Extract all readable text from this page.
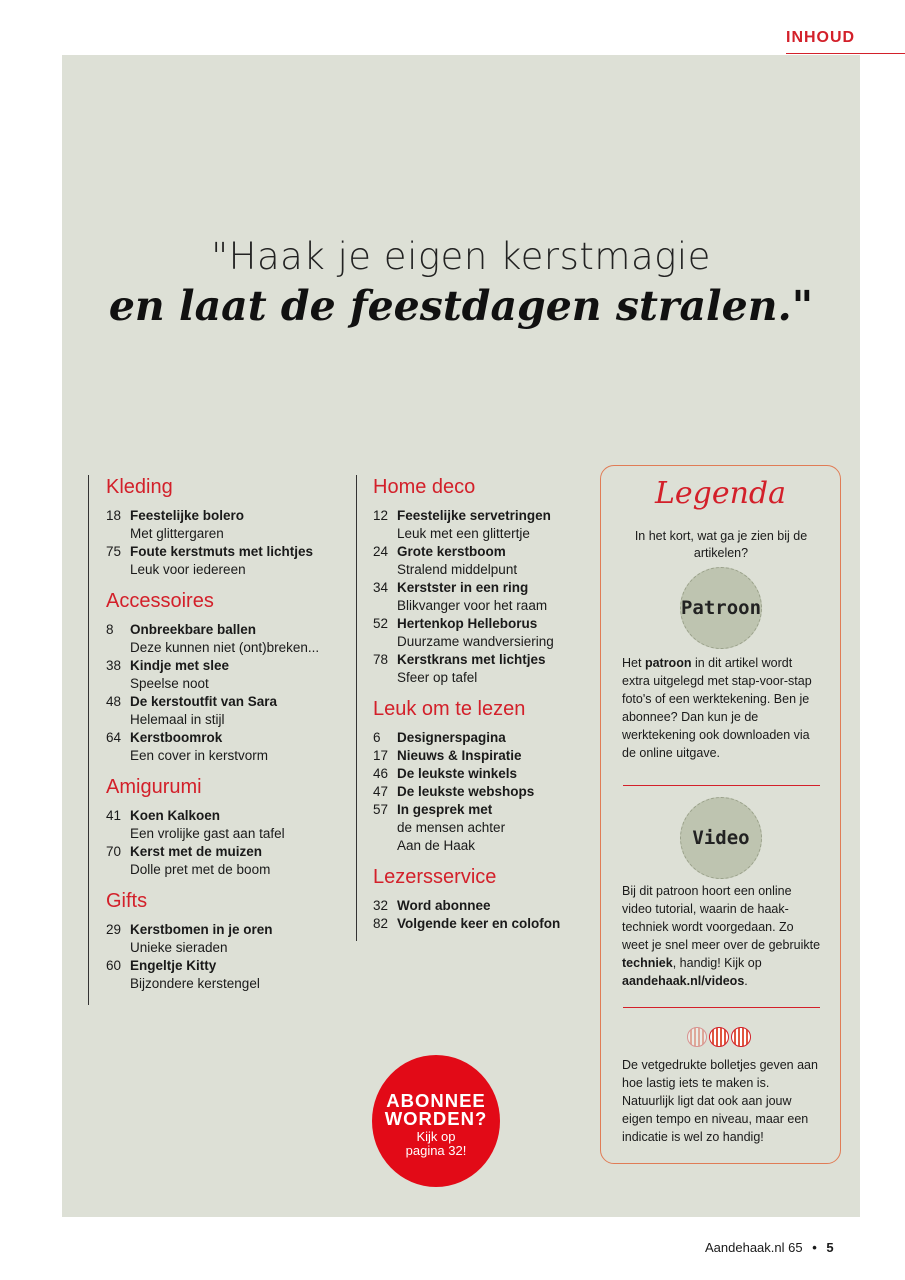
INHOUD
"Haak je eigen kerstmagie
en laat de feestdagen stralen."
Kleding
18 Feestelijke bolero
Met glittergaren
75 Foute kerstmuts met lichtjes
Leuk voor iedereen
Accessoires
8	Onbreekbare ballen
Deze kunnen niet (ont)breken...
38 Kindje met slee
Speelse noot
48 De kerstoutfit van Sara
Helemaal in stijl
64 Kerstboomrok
Een cover in kerstvorm
Amigurumi
41 Koen Kalkoen
Een vrolijke gast aan tafel
70 Kerst met de muizen
Dolle pret met de boom
Gifts
29 Kerstbomen in je oren
Unieke sieraden
60 Engeltje Kitty
Bijzondere kerstengel
Home deco
12 Feestelijke servetringen
Leuk met een glittertje
24 Grote kerstboom
Stralend middelpunt
34 Kerstster in een ring
Blikvanger voor het raam
52 Hertenkop Helleborus
Duurzame wandversiering
78 Kerstkrans met lichtjes
Sfeer op tafel
Leuk om te lezen
6	Designerspagina
17 Nieuws & Inspiratie
46 De leukste winkels
47 De leukste webshops
57 In gesprek met
de mensen achter
Aan de Haak
Lezersservice
32 Word abonnee
82 Volgende keer en colofon
Legenda
In het kort, wat ga je zien bij de artikelen?
Patroon
Het patroon in dit artikel wordt extra uitgelegd met stap-voor-stap foto's of een werktekening. Ben je abonnee? Dan kun je de werktekening ook downloaden via de online uitgave.
Video
Bij dit patroon hoort een online video tutorial, waarin de haak-techniek wordt voorgedaan. Zo weet je snel meer over de gebruikte techniek, handig! Kijk op aandehaak.nl/videos.
De vetgedrukte bolletjes geven aan hoe lastig iets te maken is. Natuurlijk ligt dat ook aan jouw eigen tempo en niveau, maar een indicatie is wel zo handig!
ABONNEE
WORDEN?
Kijk op
pagina 32!
Aandehaak.nl 65 • 5
